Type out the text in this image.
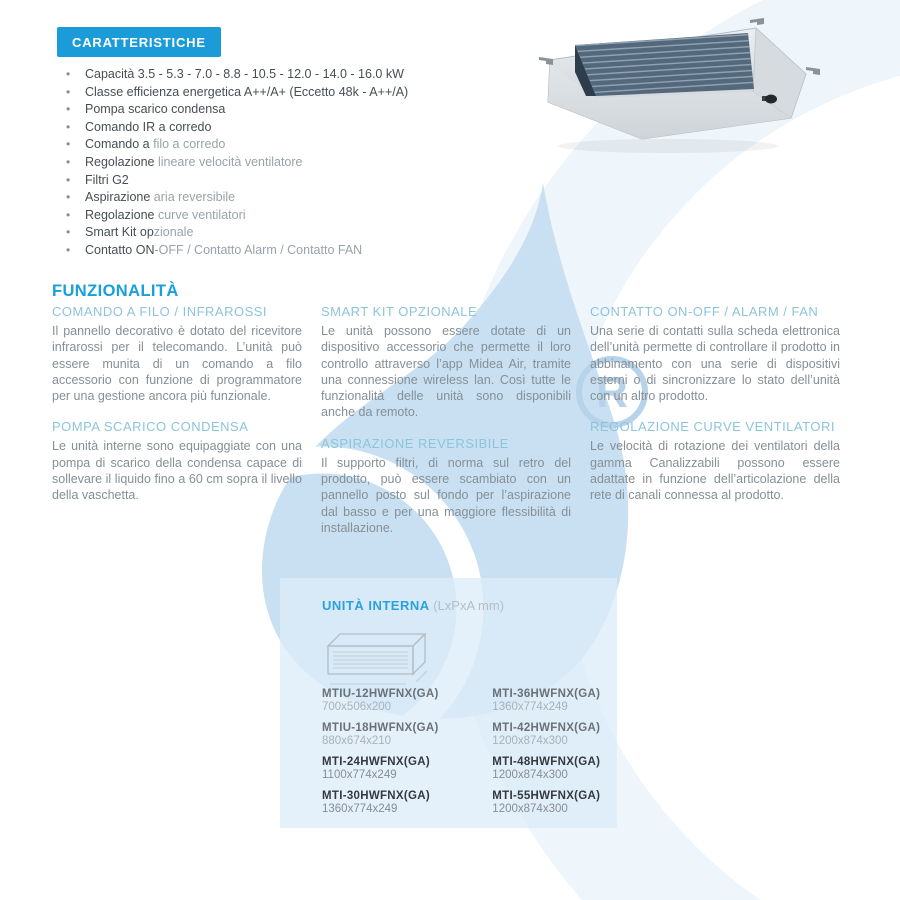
R
CARATTERISTICHE
• Capacità 3.5 - 5.3 - 7.0 - 8.8 - 10.5 - 12.0 - 14.0 - 16.0 kW
• Classe efficienza energetica A++/A+ (Eccetto 48k - A++/A)
• Pompa scarico condensa
• Comando IR a corredo
• Comando a filo a corredo
• Regolazione lineare velocità ventilatore
• Filtri G2
• Aspirazione aria reversibile
• Regolazione curve ventilatori
• Smart Kit opzionale
• Contatto ON-OFF / Contatto Alarm / Contatto FAN
FUNZIONALITÀ
COMANDO A FILO / INFRAROSSI

Il pannello decorativo è dotato del ricevitore infrarossi per il telecomando. L’unità può essere munita di un comando a filo accessorio con funzione di programmatore per una gestione ancora più funzionale.

POMPA SCARICO CONDENSA

Le unità interne sono equipaggiate con una pompa di scarico della condensa capace di sollevare il liquido fino a 60 cm sopra il livello della vaschetta.

SMART KIT OPZIONALE

Le unità possono essere dotate di un dispositivo accessorio che permette il loro controllo attraverso l’app Midea Air, tramite una connessione wireless lan. Così tutte le funzionalità delle unità sono disponibili anche da remoto.

ASPIRAZIONE REVERSIBILE

Il supporto filtri, di norma sul retro del prodotto, può essere scambiato con un pannello posto sul fondo per l’aspirazione dal basso e per una maggiore flessibilità di installazione.

CONTATTO ON-OFF / ALARM / FAN

Una serie di contatti sulla scheda elettronica dell’unità permette di controllare il prodotto in abbinamento con una serie di dispositivi esterni o di sincronizzare lo stato dell’unità con un altro prodotto.

REGOLAZIONE CURVE VENTILATORI

Le velocità di rotazione dei ventilatori della gamma Canalizzabili possono essere adattate in funzione dell’articolazione della rete di canali connessa al prodotto.

UNITÀ INTERNA (LxPxA mm)
MTIU-12HWFNX(GA)
700x506x200
MTIU-18HWFNX(GA)
880x674x210
MTI-24HWFNX(GA)
1100x774x249
MTI-30HWFNX(GA)
1360x774x249
MTI-36HWFNX(GA)
1360x774x249
MTI-42HWFNX(GA)
1200x874x300
MTI-48HWFNX(GA)
1200x874x300
MTI-55HWFNX(GA)
1200x874x300
